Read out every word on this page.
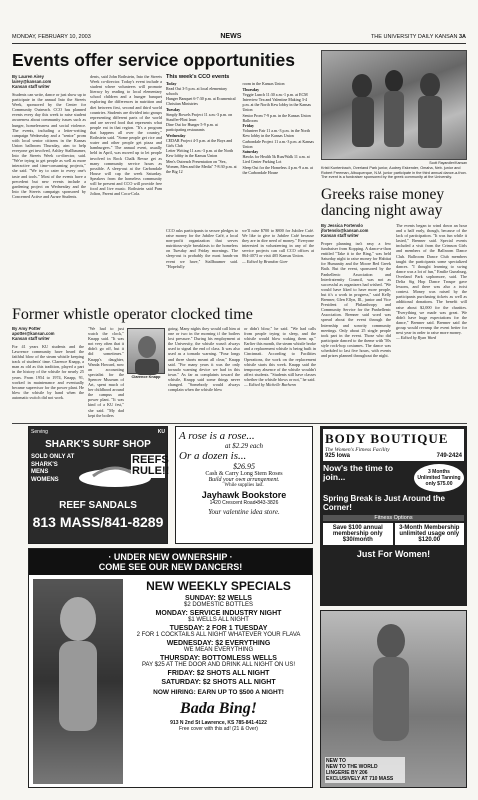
MONDAY, FEBRUARY 10, 2003	NEWS	THE UNIVERSITY DAILY KANSAN 3A
Events offer service opportunities
By Lauren Airey
lairey@kansan.com
Kansan staff writer
Students can write, dance or just show up to participate in the annual Into the Streets Week, sponsored by the Center for Community Outreach. CCO has planned events every day this week to raise student awareness about community issues such as hunger, homelessness and social violence. The events, including a letter-writing campaign Wednesday and a "senior" prom with local senior citizens in the Kansas Union ballroom Thursday, aim to help everyone get involved, Ashley Stallbaumer, Into the Streets Week co-director, said. "We're trying to get people as well as more interactive and time-consuming projects," she said. "We try to cater to every one's taste and tools." Most of the events have a precedent but new events include a gardening project on Wednesday and the Into the Streets campaign sponsored by Concerned Active and Aware Students.
dents, said John Rothstein, Into the Streets Week co-director. Today's event include a student where volunteers will promote literacy by reading to local elementary school children and a hunger banquet exploring the differences in nutrition and diet between first, second and third world countries. Students are divided into groups representing different parts of the world and are served food that represents what people eat in that region. "It's a program that happens all over the country," Rothstein said. "Some people get rice and water and other people get pizza and hamburgers." The annual event, usually held in April, was moved up to let people involved in Rock Chalk Revue get as many community service hours as possible. A sleep-out at the Carbondale House will cap the week Saturday. Speakers from the homeless community will be present and CCO will provide free food and live music. Rothstein said Pam Jolton, Parent and Coca-Cola.
This week's CCO events
Today
Read Out 3-5 p.m. at local elementary schools
Hunger Banquet 6-7:30 p.m. at Ecumenical Christian Ministries
Tuesday
Simply Bowels Project 11 a.m.-3 p.m. on Stauffer-Flint lawn
Dine Out for Hunger 5-9 p.m. at participating restaurants
Wednesday
CEDAR Project 4-5 p.m. at the Boys and Girls Club
Letter Writing 11 a.m.-3 p.m. at the North Kew lobby in the Kansas Union
Men's Outreach Presentation on "Sex, Women, Men and the Media" 7-8:30 p.m. at the Big 12
room in the Kansas Union
Thursday
Veggie Lunch 11:30 a.m.-1 p.m. at ECM
Interview Tea and Valentine Making 3-4 p.m. at the North Kew lobby in the Kansas Union
Senior Prom 7-9 p.m. in the Kansas Union Ballroom
Friday
Volunteer Fair 11 a.m.-3 p.m. in the North Kew lobby in the Kansas Union
Carbondale Project 11 a.m.-3 p.m. at Kansas Union
Saturday
Hawks for Health 5k Run/Walk 11 a.m. at Lied Center Parking Lot
Sleep Out for the Homeless 4 p.m.-9 a.m. at the Carbondale House
CCO asks participants to secure pledges to raise money for the Jubilee Café, a local non-profit organization that serves nutritious-style breakfasts to the homeless on Tuesday and Friday mornings. The sleep-out is probably the most hands-on event we have," Stallbaumer said. "Hopefully
we'll raise $700 to $800 for Jubilee Café. We like to give to Jubilee Café because they are in dire need of money." Everyone interested in volunteering in any of the service projects can call CCO offices at 864-4073 or visit 405 Kansas Union.
— Edited by Brandon Garr
Scott Rayandler/Kansan
Kristi Kuntenbach, Overland Park junior, Audrey Eskender, Omaha, Neb. junior and Robert Freeman, Albuquerque, N.M. junior participate in the third annual dance-a-thon. The event is a fundraiser sponsored by the greek community at the University.
Greeks raise money dancing night away
By Jessica Fortenslo
jfortenslo@kansan.com
Kansan staff writer
Proper planning isn't easy a few fundraiser from Kopping. A dance-a-thon entitled "Take it to the Ring," was held Saturday night to raise money for Habitat for Humanity and the Moore Bed Greek Bath. But the event, sponsored by the Panhellenic Association and Interfraternity Council, was not as successful as organizers had wished. "We would have liked to have more people, but it's a work in progress," said Kelly Brenner, Glen Ellyn, Ill., junior and Vice President of Philanthropy and Community Service for the Panhellenic Association. Brenner said word was spread about the event through the Internship and sorority community meetings. Only about 25 single people took part in the event. Those who did participate danced to the theme with '50s style rock-hop costumes. The dance was scheduled to last five hours, with events and prizes planned throughout the night.
The events began to wind down an hour and a half early, though, because of the lack of participation. "It was fun while it lasted," Brenner said. Special events included a visit from the Crimson Girls and members of the Ballroom Dance Club. Ballroom Dance Club members taught the participants some specialized dances. "I thought learning to swing dance was a lot of fun," Emilie Gunzburg, Overland Park sophomore, said. The Delta Sig Hop Dance Troupe gave lessons, and there was also a twist contest. Money was raised by the participants purchasing tickets as well as additional donations. The benefit will raise about $2,000 for the charities. "Everything we made was great. We didn't have huge expectations for the dance," Brenner said. Brenner said the group would revamp the event better for next year in order to raise more money.
— Edited by Ryan Ward
Former whistle operator clocked time
By Amy Potter
apotter@kansan.com
Kansan staff writer
For 41 years KU students and the Lawrence community have heard the faithful blow of the steam whistle keeping track of students' time. Clarence Knapp, a man as old as this tradition, played a part in the history of the whistle for nearly 25 years. From 1954 to 1974, Knapp, 91, worked in maintenance and eventually became supervisor for the power plant. He blew the whistle by hand when the automatic switch did not work.
"We had to just watch the clock," Knapp said. "It was not very often that it didn't go off, but it did sometimes." Knapp's daughter, Wanda Howard, now an accounting specialist for the Spencer Museum of Art, spent much of her childhood around the campus and power plant. "It was kind of a KU fest," she said. "My dad kept the boilers
Clarence Knapp
going. Many nights they would call him at one or two in the morning if the boilers lost pressure." During his employment at the University, the whistle wasn't always used to signal the end of class. It was also used as a tornado warning. "Four longs and three shorts meant all clear," Knapp said. "For many years it was the only tornado warning device we had in this town." As far as complaints toward the whistle, Knapp said some things never changed. "Somebody would always complain when the whistle blew
or didn't blow," he said. "We had calls from people trying to sleep, and the whistle would blow waking them up." Earlier this month, the steam whistle broke and a replacement whistle is being built in Cincinnati. According to Facilities Operations, the work on the replacement whistle starts this week. Knapp said the temporary absence of the whistle wouldn't affect students. "Students still have classes whether the whistle blows or not," he said.
— Edited by Michelle Burhenn
Serving	KU
SHARK'S SURF SHOP
SOLD ONLY AT SHARK'S MENS WOMENS
REEFS RULE!!
REEF SANDALS
813 MASS/841-8289
A rose is a rose...
at $2.29 each
Or a dozen is...
$26.95
Cash & Carry Long Stem Roses
Build your own arrangement.
While supplies last.
Jayhawk Bookstore
1420 Crescent Road•843-3826
Your valentine idea store.
BODY BOUTIQUE
The Women's Fitness Facility
925 Iowa	749-2424
Now's the time to join...	3 Months Unlimited Tanning only $75.00
Spring Break is Just Around the Corner!
Fitness Options
Save $100 annual membership only $30/month
3-Month Membership unlimited usage only $120.00
Just For Women!
· UNDER NEW OWNERSHIP ·
COME SEE OUR NEW DANCERS!
NEW WEEKLY SPECIALS
SUNDAY: $2 WELLS
$2 DOMESTIC BOTTLES
MONDAY: SERVICE INDUSTRY NIGHT
$1 WELLS ALL NIGHT
TUESDAY: 2 FOR 1 TUESDAY
2 FOR 1 COCKTAILS ALL NIGHT WHATEVER YOUR FLAVA
WEDNESDAY: $2 EVERYTHING
WE MEAN EVERYTHING
THURSDAY: BOTTOMLESS WELLS
PAY $25 AT THE DOOR AND DRINK ALL NIGHT ON US!
FRIDAY: $2 SHOTS ALL NIGHT
SATURDAY: $2 SHOTS ALL NIGHT
NOW HIRING: EARN UP TO $500 A NIGHT!
Bada Bing!
913 N 2nd St Lawrence, KS 785-841-4122
Free cover with this ad! (21 & Over)
NEW TO
NEW TO THE WORLD
LINGERIE BY 206
EXCLUSIVELY AT 710 MASS
